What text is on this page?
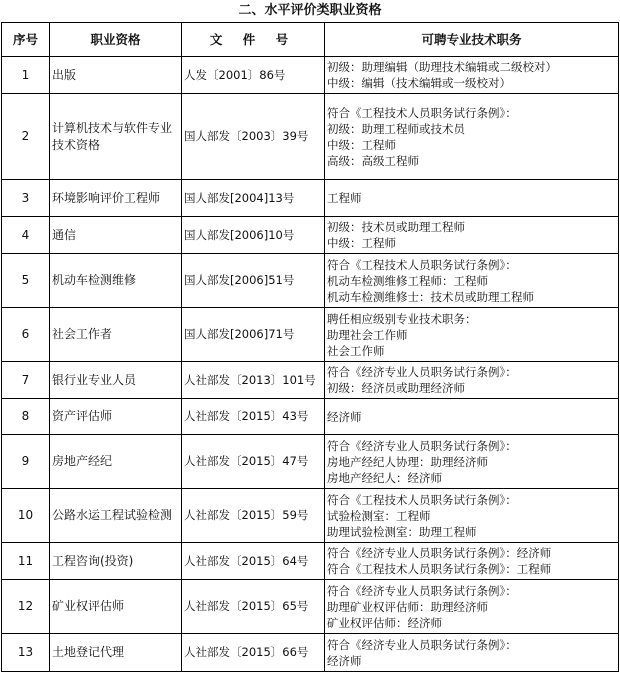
二、水平评价类职业资格
序号	职业资格	文 件 号	可聘专业技术职务
1	出版	人发〔2001〕86号	初级：助理编辑（助理技术编辑或二级校对）
中级：编辑（技术编辑或一级校对）
2	计算机技术与软件专业技术资格	国人部发〔2003〕39号	符合《工程技术人员职务试行条例》：
初级：助理工程师或技术员
中级：工程师
高级：高级工程师
3	环境影响评价工程师	国人部发[2004]13号	工程师
4	通信	国人部发[2006]10号	初级：技术员或助理工程师
中级：工程师
5	机动车检测维修	国人部发[2006]51号	符合《工程技术人员职务试行条例》：
机动车检测维修工程师：工程师
机动车检测维修士：技术员或助理工程师
6	社会工作者	国人部发[2006]71号	聘任相应级别专业技术职务：
助理社会工作师
社会工作师
7	银行业专业人员	人社部发〔2013〕101号	符合《经济专业人员职务试行条例》：
初级：经济员或助理经济师
8	资产评估师	人社部发〔2015〕43号	经济师
9	房地产经纪	人社部发〔2015〕47号	符合《经济专业人员职务试行条例》：
房地产经纪人协理：助理经济师
房地产经纪人：经济师
10	公路水运工程试验检测	人社部发〔2015〕59号	符合《工程技术人员职务试行条例》：
试验检测室：工程师
助理试验检测室：助理工程师
11	工程咨询(投资)	人社部发〔2015〕64号	符合《经济专业人员职务试行条例》：经济师
符合《工程技术人员职务试行条例》：工程师
12	矿业权评估师	人社部发〔2015〕65号	符合《经济专业人员职务试行条例》：
助理矿业权评估师：助理经济师
矿业权评估师：经济师
13	土地登记代理	人社部发〔2015〕66号	符合《经济专业人员职务试行条例》：
经济师
